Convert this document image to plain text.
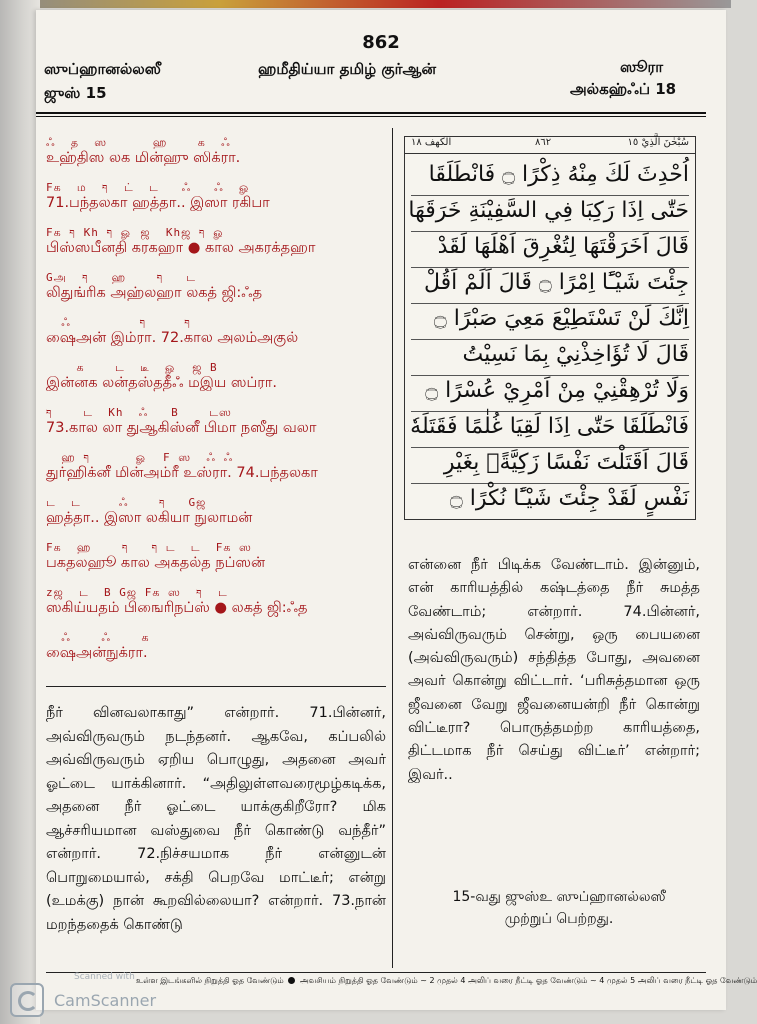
862
ஸுப்ஹானல்லஸீ
ஜுஸ் 15
ஹமீதிய்யா தமிழ் குர்ஆன்	ஸூரா
அல்கஹ்ஃப் 18
ஃ  த  ஸ      ஹ    க  ஃ
உஹ்திஸ லக மின்ஹு ஸிக்ரா.
Fக  ம  ףּ  ட்  ட   ஃ   ஃ  ௐ
71.பந்தலகா ஹத்தா.. இஸா ரகிபா
Fக ףּ Kh ףּ ௐ ஜ  Khஜ ףּ ௐ
பிஸ்ஸபீனதி கரகஹா ● கால அகரக்தஹா
Gஅ  ףּ   ஹ    ףּ   ட
லிதுங்ரிக அஹ்லஹா லகத் ஜி:ஃத
ஃ         ףּ     ףּ
ஷைஅன் இம்ரா. 72.கால அலம்அகுல்
க    ட  டீ  ௐ  ஜ B
இன்னக லன்தஸ்ததீஃ மஇய ஸப்ரா.
ףּ    ட  Kh  ஃ   B    டஸ
73.கால லா துஆகிஸ்னீ பிமா நஸீது வலா
ஹ ףּ      ௐ  F ஸ  ஃ ஃ
துர்ஹிக்னீ மின்அம்ரீ உஸ்ரா. 74.பந்தலகா
ட  ட     ஃ    ףּ   Gஜ
ஹத்தா.. இஸா லகியா நுலாமன்
Fக  ஹ    ףּ   ףּ ட  ட  Fக ஸ
பகதலஹூ கால அகதல்த நப்ஸன்
zஜ  ட  B Gஜ Fக ஸ  ףּ  ட
ஸகிய்யதம் பிஙைரிநப்ஸ் ● லகத் ஜி:ஃத
ஃ    ஃ    க
ஷைஅன்நுக்ரா.
سُبْحٰنَ الَّذِيْ ١٥
٨٦٢
الكهف ١٨
اُحْدِثَ لَكَ مِنْهُ ذِكْرًا ۝ فَانْطَلَقَا
حَتّٰى اِذَا رَكِبَا فِي السَّفِيْنَةِ خَرَقَهَا
قَالَ اَخَرَقْتَهَا لِتُغْرِقَ اَهْلَهَا لَقَدْ
جِئْتَ شَيْـًٔا اِمْرًا ۝ قَالَ اَلَمْ اَقُلْ
اِنَّكَ لَنْ تَسْتَطِيْعَ مَعِيَ صَبْرًا ۝
قَالَ لَا تُؤَاخِذْنِيْ بِمَا نَسِيْتُ
وَلَا تُرْهِقْنِيْ مِنْ اَمْرِيْ عُسْرًا ۝
فَانْطَلَقَا حَتّٰى اِذَا لَقِيَا غُلٰمًا فَقَتَلَهٗ
قَالَ اَقَتَلْتَ نَفْسًا زَكِيَّةًۢ بِغَيْرِ
نَفْسٍ لَقَدْ جِئْتَ شَيْـًٔا نُكْرًا ۝

என்னை நீர் பிடிக்க வேண்டாம். இன்னும், என் காரியத்தில் கஷ்டத்தை நீர் சுமத்த வேண்டாம்; என்றார். 74.பின்னர், அவ்விருவரும் சென்று, ஒரு பையனை (அவ்விருவரும்) சந்தித்த போது, அவனை அவர் கொன்று விட்டார். ‘பரிசுத்தமான ஒரு ஜீவனை வேறு ஜீவனையன்றி நீர் கொன்று விட்டீரா? பொருத்தமற்ற காரியத்தை, திட்டமாக நீர் செய்து விட்டீர்’ என்றார்; இவர்..

நீர் வினவலாகாது” என்றார். 71.பின்னர், அவ்விருவரும் நடந்தனர். ஆகவே, கப்பலில் அவ்விருவரும் ஏறிய பொழுது, அதனை அவர் ஓட்டை யாக்கினார். “அதிலுள்ளவரைமூழ்கடிக்க, அதனை நீர் ஓட்டை யாக்குகிறீரோ? மிக ஆச்சரியமான வஸ்துவை நீர் கொண்டு வந்தீர்” என்றார். 72.நிச்சயமாக நீர் என்னுடன் பொறுமையால், சக்தி பெறவே மாட்டீர்; என்று (உமக்கு) நான் கூறவில்லையா? என்றார். 73.நான் மறந்ததைக் கொண்டு

15-வது ஜுஸ்உ ஸுப்ஹானல்லஸீ
முற்றுப் பெற்றது.
உள்ள இடங்களில் நிறுத்தி ஓத வேண்டும் அவசியம் நிறுத்தி ஓத வேண்டும் ~ 2 முதல் 4 அலிப் வரை நீட்டி ஓத வேண்டும் ~ 4 முதல் 5 அலிப் வரை நீட்டி ஓத வேண்டும்
CamScanner
Scanned with
